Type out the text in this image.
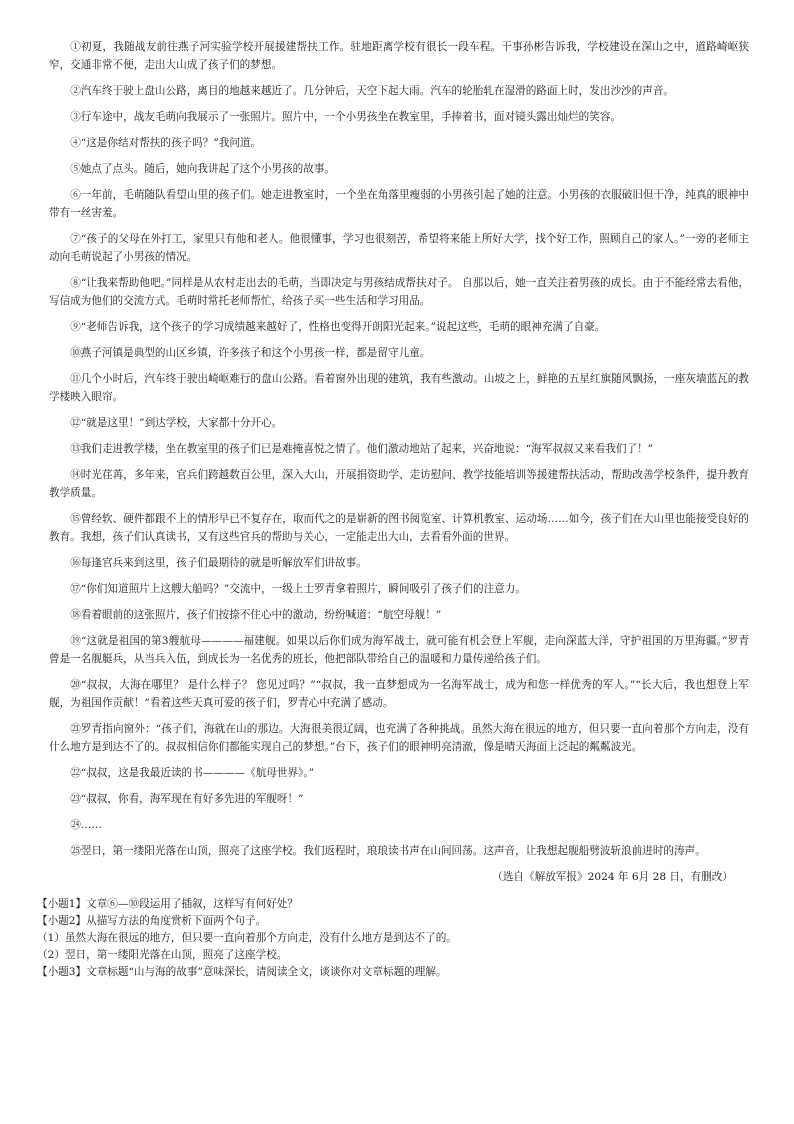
①初夏，我随战友前往燕子河实验学校开展援建帮扶工作。驻地距离学校有很长一段车程。干事孙彬告诉我，学校建设在深山之中，道路崎岖狭窄，交通非常不便，走出大山成了孩子们的梦想。

②汽车终于驶上盘山公路，离目的地越来越近了。几分钟后，天空下起大雨。汽车的轮胎轧在湿滑的路面上时，发出沙沙的声音。

③行车途中，战友毛萌向我展示了一张照片。照片中，一个小男孩坐在教室里，手捧着书，面对镜头露出灿烂的笑容。

④“这是你结对帮扶的孩子吗？”我问道。

⑤她点了点头。随后，她向我讲起了这个小男孩的故事。

⑥一年前，毛萌随队看望山里的孩子们。她走进教室时，一个坐在角落里瘦弱的小男孩引起了她的注意。小男孩的衣服破旧但干净，纯真的眼神中带有一丝害羞。

⑦“孩子的父母在外打工，家里只有他和老人。他很懂事，学习也很刻苦，希望将来能上所好大学，找个好工作，照顾自己的家人。”一旁的老师主动向毛萌说起了小男孩的情况。

⑧“让我来帮助他吧。”同样是从农村走出去的毛萌，当即决定与男孩结成帮扶对子。 自那以后，她一直关注着男孩的成长。由于不能经常去看他，写信成为他们的交流方式。毛萌时常托老师帮忙，给孩子买一些生活和学习用品。

⑨“老师告诉我，这个孩子的学习成绩越来越好了，性格也变得开朗阳光起来。”说起这些，毛萌的眼神充满了自豪。

⑩燕子河镇是典型的山区乡镇，许多孩子和这个小男孩一样，都是留守儿童。

⑪几个小时后，汽车终于驶出崎岖难行的盘山公路。看着窗外出现的建筑，我有些激动。山坡之上，鲜艳的五星红旗随风飘扬，一座灰墙蓝瓦的教学楼映入眼帘。

⑫“就是这里！”到达学校，大家都十分开心。

⑬我们走进教学楼，坐在教室里的孩子们已是难掩喜悦之情了。他们激动地站了起来，兴奋地说：“海军叔叔又来看我们了！”

⑭时光荏苒，多年来，官兵们跨越数百公里，深入大山，开展捐资助学、走访慰问、教学技能培训等援建帮扶活动，帮助改善学校条件，提升教育教学质量。

⑮曾经软、硬件都跟不上的情形早已不复存在，取而代之的是崭新的图书阅览室、计算机教室、运动场……如今，孩子们在大山里也能接受良好的教育。我想，孩子们认真读书，又有这些官兵的帮助与关心，一定能走出大山，去看看外面的世界。

⑯每逢官兵来到这里，孩子们最期待的就是听解放军们讲故事。

⑰“你们知道照片上这艘大船吗？”交流中，一级上士罗青拿着照片，瞬间吸引了孩子们的注意力。

⑱看着眼前的这张照片，孩子们按捺不住心中的激动，纷纷喊道：“航空母舰！”

⑲“这就是祖国的第3艘航母————福建舰。如果以后你们成为海军战士，就可能有机会登上军舰，走向深蓝大洋，守护祖国的万里海疆。”罗青曾是一名舰艇兵，从当兵入伍，到成长为一名优秀的班长，他把部队带给自己的温暖和力量传递给孩子们。

⑳“叔叔，大海在哪里？ 是什么样子？ 您见过吗？”“叔叔，我一直梦想成为一名海军战士，成为和您一样优秀的军人。”“长大后，我也想登上军舰，为祖国作贡献！”看着这些天真可爱的孩子们，罗青心中充满了感动。

㉑罗青指向窗外：“孩子们，海就在山的那边。大海很美很辽阔，也充满了各种挑战。虽然大海在很远的地方，但只要一直向着那个方向走，没有什么地方是到达不了的。叔叔相信你们都能实现自己的梦想。”台下，孩子们的眼神明亮清澈，像是晴天海面上泛起的粼粼波光。

㉒“叔叔，这是我最近读的书————《航母世界》。”

㉓“叔叔，你看，海军现在有好多先进的军舰呀！”

㉔……

㉕翌日，第一缕阳光落在山顶，照亮了这座学校。我们返程时，琅琅读书声在山间回荡。这声音，让我想起舰船劈波斩浪前进时的涛声。

（选自《解放军报》2024 年 6月 28 日，有删改）

【小题1】文章⑥—⑩段运用了插叙，这样写有何好处？

【小题2】从描写方法的角度赏析下面两个句子。

（1）虽然大海在很远的地方，但只要一直向着那个方向走，没有什么地方是到达不了的。

（2）翌日，第一缕阳光落在山顶，照亮了这座学校。

【小题3】文章标题“山与海的故事”意味深长，请阅读全文，谈谈你对文章标题的理解。
